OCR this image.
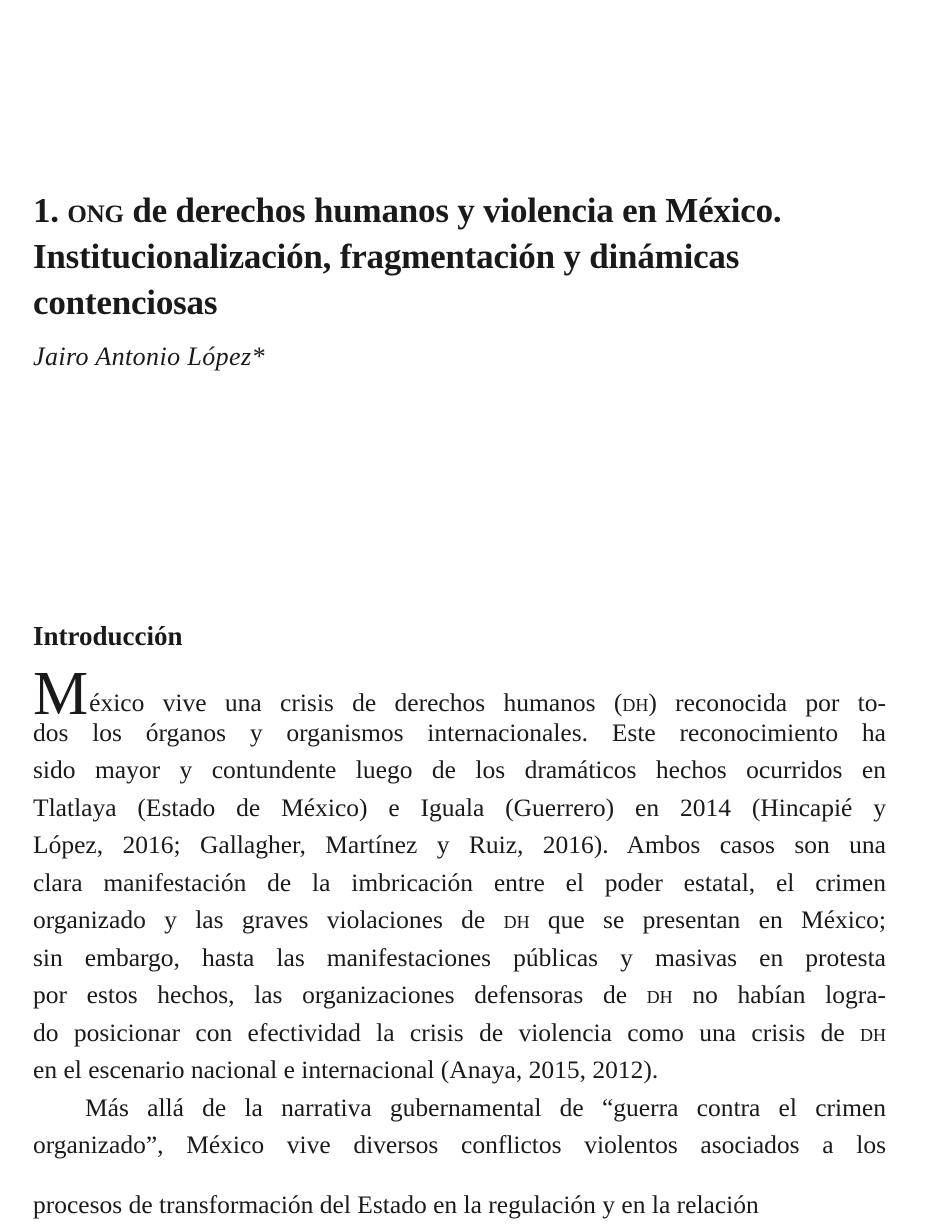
1. ong de derechos humanos y violencia en México.
Institucionalización, fragmentación y dinámicas
contenciosas

Jairo Antonio López*

Introducción
México vive una crisis de derechos humanos (dh) reconocida por to-
dos los órganos y organismos internacionales. Este reconocimiento ha
sido mayor y contundente luego de los dramáticos hechos ocurridos en
Tlatlaya (Estado de México) e Iguala (Guerrero) en 2014 (Hincapié y
López, 2016; Gallagher, Martínez y Ruiz, 2016). Ambos casos son una
clara manifestación de la imbricación entre el poder estatal, el crimen
organizado y las graves violaciones de dh que se presentan en México;
sin embargo, hasta las manifestaciones públicas y masivas en protesta
por estos hechos, las organizaciones defensoras de dh no habían logra-
do posicionar con efectividad la crisis de violencia como una crisis de dh
en el escenario nacional e internacional (Anaya, 2015, 2012).
Más allá de la narrativa gubernamental de “guerra contra el crimen
organizado”, México vive diversos conflictos violentos asociados a los
procesos de transformación del Estado en la regulación y en la relación
